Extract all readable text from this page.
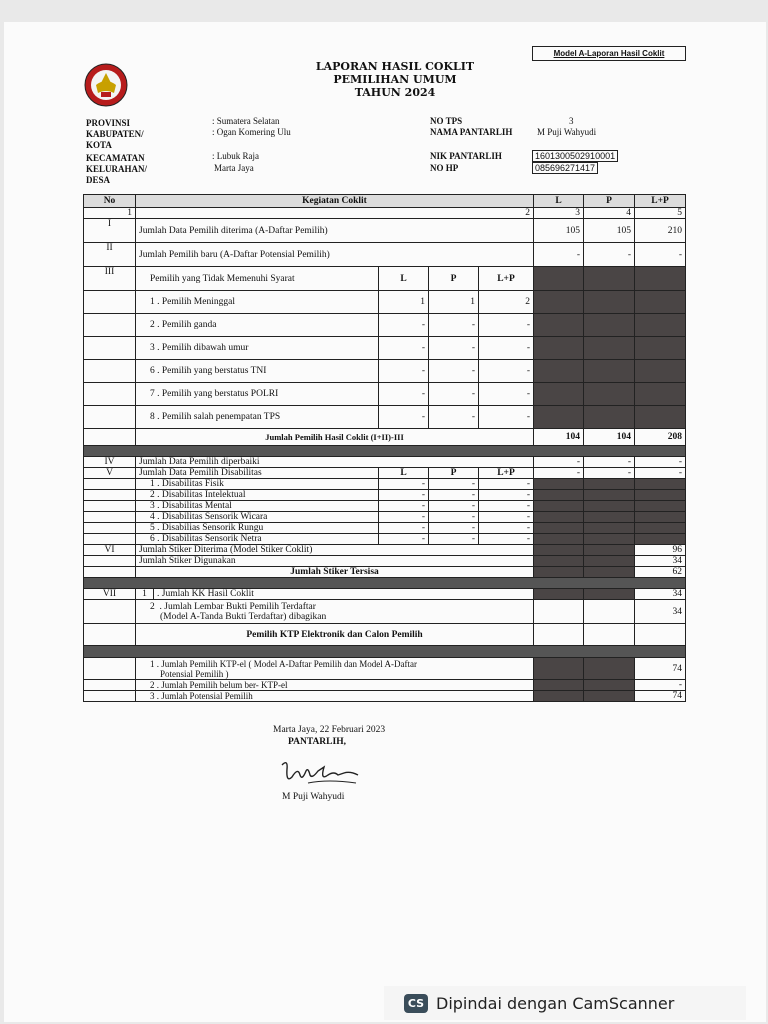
Model A-Laporan Hasil Coklit
LAPORAN HASIL COKLIT
PEMILIHAN UMUM
TAHUN 2024
PROVINSI	: Sumatera Selatan
KABUPATEN/
KOTA
: Ogan Komering Ulu
KECAMATAN	: Lubuk Raja
KELURAHAN/
DESA
Marta Jaya
NO TPS	3
NAMA PANTARLIH	M Puji Wahyudi
NIK PANTARLIH	1601300502910001
NO HP	085696271417
No	Kegiatan Coklit					L	P	L+P
1	2					3	4	5
I	Jumlah Data Pemilih diterima (A-Daftar Pemilih)					105	105	210
II	Jumlah Pemilih baru (A-Daftar Potensial Pemilih)					-	-	-
III	Pemilih yang Tidak Memenuhi Syarat		L	P	L+P			
	1 . Pemilih Meninggal		1	1	2			
	2 . Pemilih ganda		-	-	-			
	3 . Pemilih dibawah umur		-	-	-			
	6 . Pemilih yang berstatus TNI		-	-	-			
	7 . Pemilih yang berstatus POLRI		-	-	-			
	8 . Pemilih salah penempatan TPS		-	-	-			
	Jumlah Pemilih Hasil Coklit (I+II)-III					104	104	208

IV	Jumlah Data Pemilih diperbaiki					-	-	-
V	Jumlah Data Pemilih Disabilitas		L	P	L+P	-	-	-
	1 . Disabilitas Fisik		-	-	-			
	2 . Disabilitas Intelektual		-	-	-			
	3 . Disabilitas Mental		-	-	-			
	4 . Disabilitas Sensorik Wicara		-	-	-			
	5 . Disabilias Sensorik Rungu		-	-	-			
	6 . Disabilitas Sensorik Netra		-	-	-			
VI	Jumlah Stiker Diterima (Model Stiker Coklit)							96
	Jumlah Stiker Digunakan							34
	Jumlah Stiker Tersisa							62

VII	1	. Jumlah KK Hasil Coklit						34

	2 . Jumlah Lembar Bukti Pemilih Terdaftar
(Model A-Tanda Bukti Terdaftar) dibagikan							34
	Pemilih KTP Elektronik dan Calon Pemilih							

	1 . Jumlah Pemilih KTP-el ( Model A-Daftar Pemilih dan Model A-Daftar
Potensial Pemilih )							74

	2 . Jumlah Pemilih belum ber- KTP-el							-

	3 . Jumlah Potensial Pemilih							74
Marta Jaya, 22 Februari 2023
PANTARLIH,
M Puji Wahyudi
CS Dipindai dengan CamScanner
